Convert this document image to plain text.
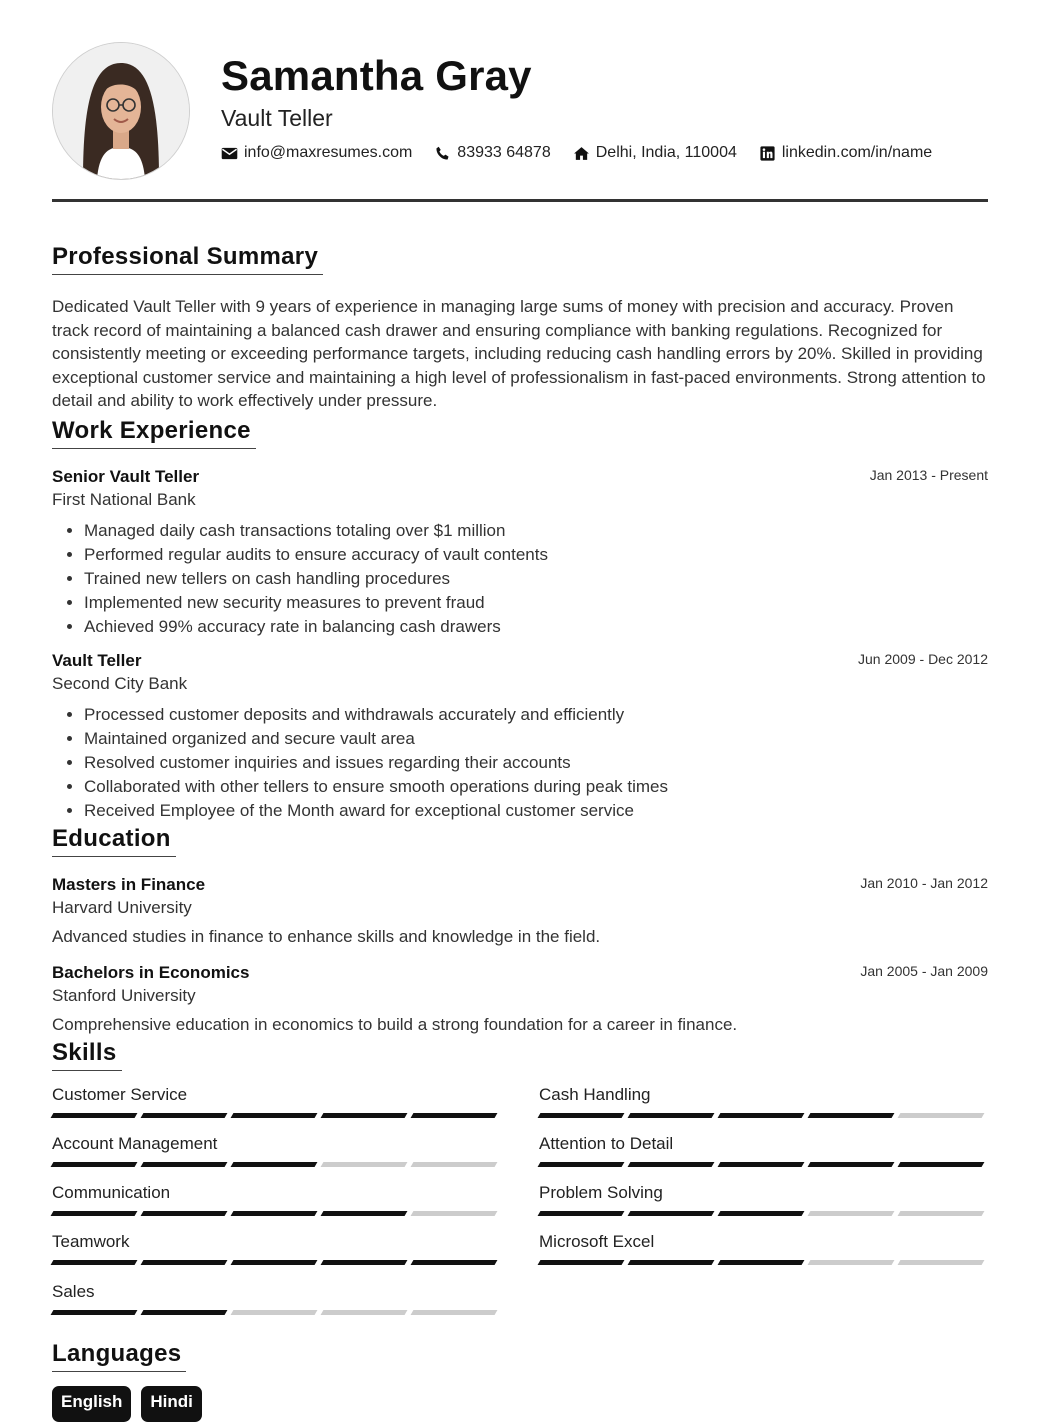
Samantha Gray

Vault Teller

info@maxresumes.com	83933 64878	Delhi, India, 110004	linkedin.com/in/name
Professional Summary

Dedicated Vault Teller with 9 years of experience in managing large sums of money with precision and accuracy. Proven track record of maintaining a balanced cash drawer and ensuring compliance with banking regulations. Recognized for consistently meeting or exceeding performance targets, including reducing cash handling errors by 20%. Skilled in providing exceptional customer service and maintaining a high level of professionalism in fast-paced environments. Strong attention to detail and ability to work effectively under pressure.

Work Experience

Senior Vault Teller	Jan 2013 - Present

First National Bank

• Managed daily cash transactions totaling over $1 million
• Performed regular audits to ensure accuracy of vault contents
• Trained new tellers on cash handling procedures
• Implemented new security measures to prevent fraud
• Achieved 99% accuracy rate in balancing cash drawers

Vault Teller	Jun 2009 - Dec 2012

Second City Bank

• Processed customer deposits and withdrawals accurately and efficiently
• Maintained organized and secure vault area
• Resolved customer inquiries and issues regarding their accounts
• Collaborated with other tellers to ensure smooth operations during peak times
• Received Employee of the Month award for exceptional customer service
Education

Masters in Finance	Jan 2010 - Jan 2012

Harvard University

Advanced studies in finance to enhance skills and knowledge in the field.

Bachelors in Economics	Jan 2005 - Jan 2009

Stanford University

Comprehensive education in economics to build a strong foundation for a career in finance.

Skills

Customer Service	Cash Handling

Account Management	Attention to Detail

Communication	Problem Solving

Teamwork	Microsoft Excel

Sales

Languages
English	Hindi
